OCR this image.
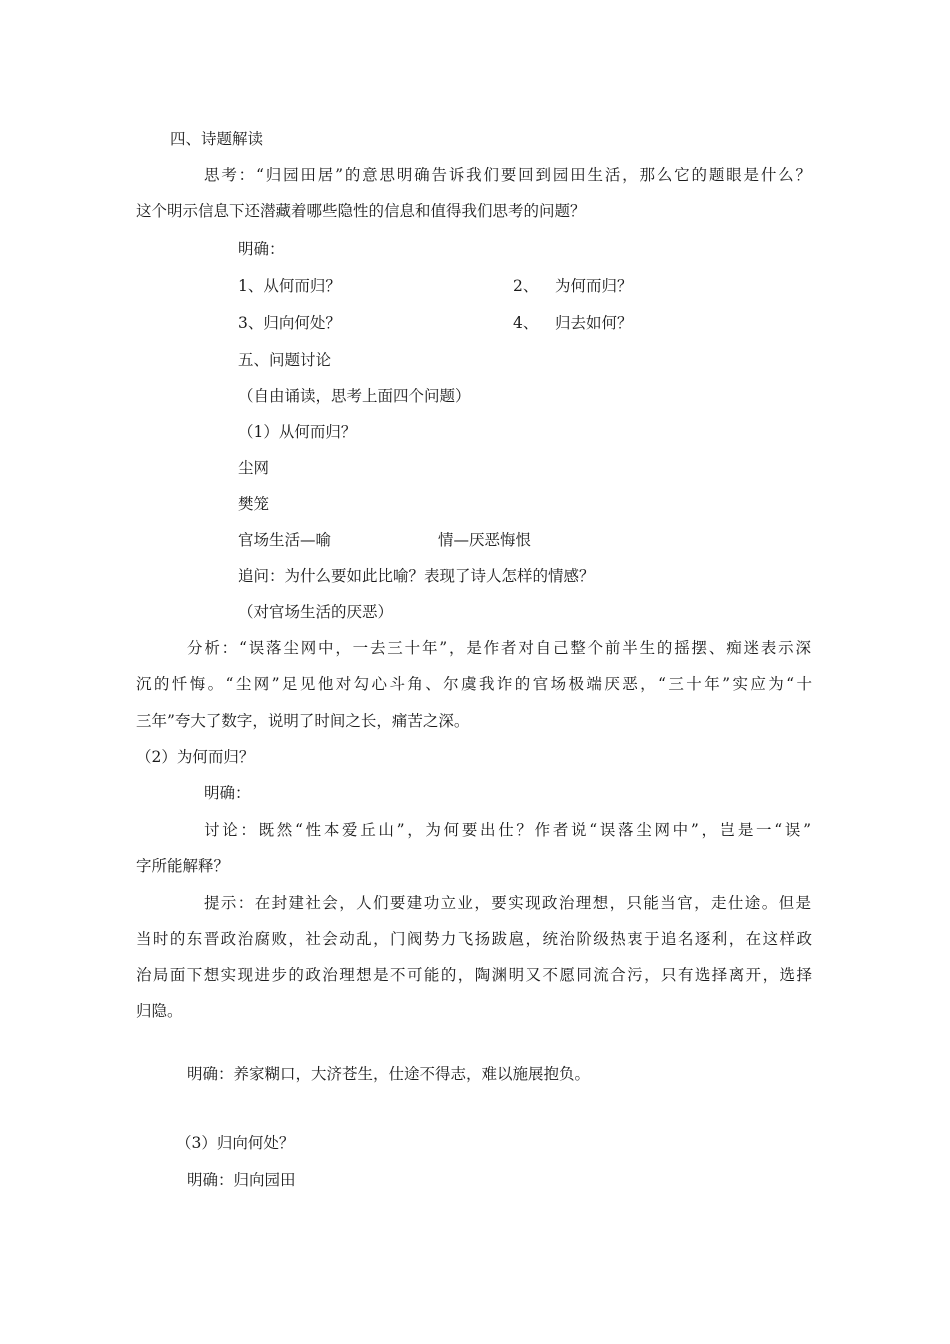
四、诗题解读
思考：“归园田居”的意思明确告诉我们要回到园田生活，那么它的题眼是什么？
这个明示信息下还潜藏着哪些隐性的信息和值得我们思考的问题？
明确：
1、从何而归？	2、 为何而归？
3、归向何处？	4、 归去如何？
五、问题讨论
（自由诵读，思考上面四个问题）
（1）从何而归？
尘网
樊笼
官场生活—喻	情—厌恶悔恨
追问：为什么要如此比喻？表现了诗人怎样的情感？
（对官场生活的厌恶）
分析：“误落尘网中，一去三十年”，是作者对自己整个前半生的摇摆、痴迷表示深
沉的忏悔。“尘网”足见他对勾心斗角、尔虞我诈的官场极端厌恶，“三十年”实应为“十
三年”夸大了数字，说明了时间之长，痛苦之深。
（2）为何而归？
明确：
讨论：既然“性本爱丘山”，为何要出仕？作者说“误落尘网中”，岂是一“误”
字所能解释？
提示：在封建社会，人们要建功立业，要实现政治理想，只能当官，走仕途。但是
当时的东晋政治腐败，社会动乱，门阀势力飞扬跋扈，统治阶级热衷于追名逐利，在这样政
治局面下想实现进步的政治理想是不可能的，陶渊明又不愿同流合污，只有选择离开，选择
归隐。
明确：养家糊口，大济苍生，仕途不得志，难以施展抱负。
（3）归向何处？
明确：归向园田
